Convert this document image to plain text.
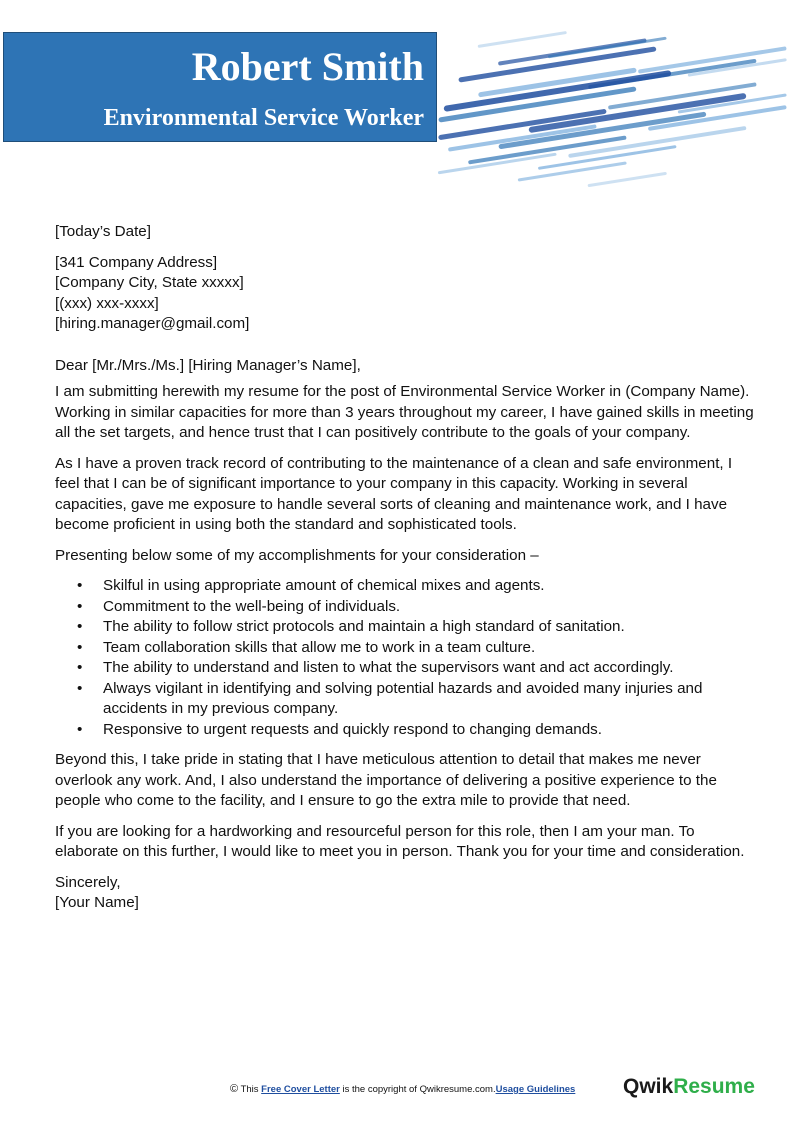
Robert Smith
Environmental Service Worker

[Today’s Date]

[341 Company Address]

[Company City, State xxxxx]

[(xxx) xxx-xxxx]

[hiring.manager@gmail.com]

Dear [Mr./Mrs./Ms.] [Hiring Manager’s Name],

I am submitting herewith my resume for the post of Environmental Service Worker in (Company Name). Working in similar capacities for more than 3 years throughout my career, I have gained skills in meeting all the set targets, and hence trust that I can positively contribute to the goals of your company.

As I have a proven track record of contributing to the maintenance of a clean and safe environment, I feel that I can be of significant importance to your company in this capacity. Working in several capacities, gave me exposure to handle several sorts of cleaning and maintenance work, and I have become proficient in using both the standard and sophisticated tools.

Presenting below some of my accomplishments for your consideration –

• Skilful in using appropriate amount of chemical mixes and agents.
• Commitment to the well-being of individuals.
• The ability to follow strict protocols and maintain a high standard of sanitation.
• Team collaboration skills that allow me to work in a team culture.
• The ability to understand and listen to what the supervisors want and act accordingly.
• Always vigilant in identifying and solving potential hazards and avoided many injuries and accidents in my previous company.
• Responsive to urgent requests and quickly respond to changing demands.

Beyond this, I take pride in stating that I have meticulous attention to detail that makes me never overlook any work. And, I also understand the importance of delivering a positive experience to the people who come to the facility, and I ensure to go the extra mile to provide that need.

If you are looking for a hardworking and resourceful person for this role, then I am your man. To elaborate on this further, I would like to meet you in person. Thank you for your time and consideration.

Sincerely,

[Your Name]

© This Free Cover Letter is the copyright of Qwikresume.com.Usage Guidelines QwikResume
